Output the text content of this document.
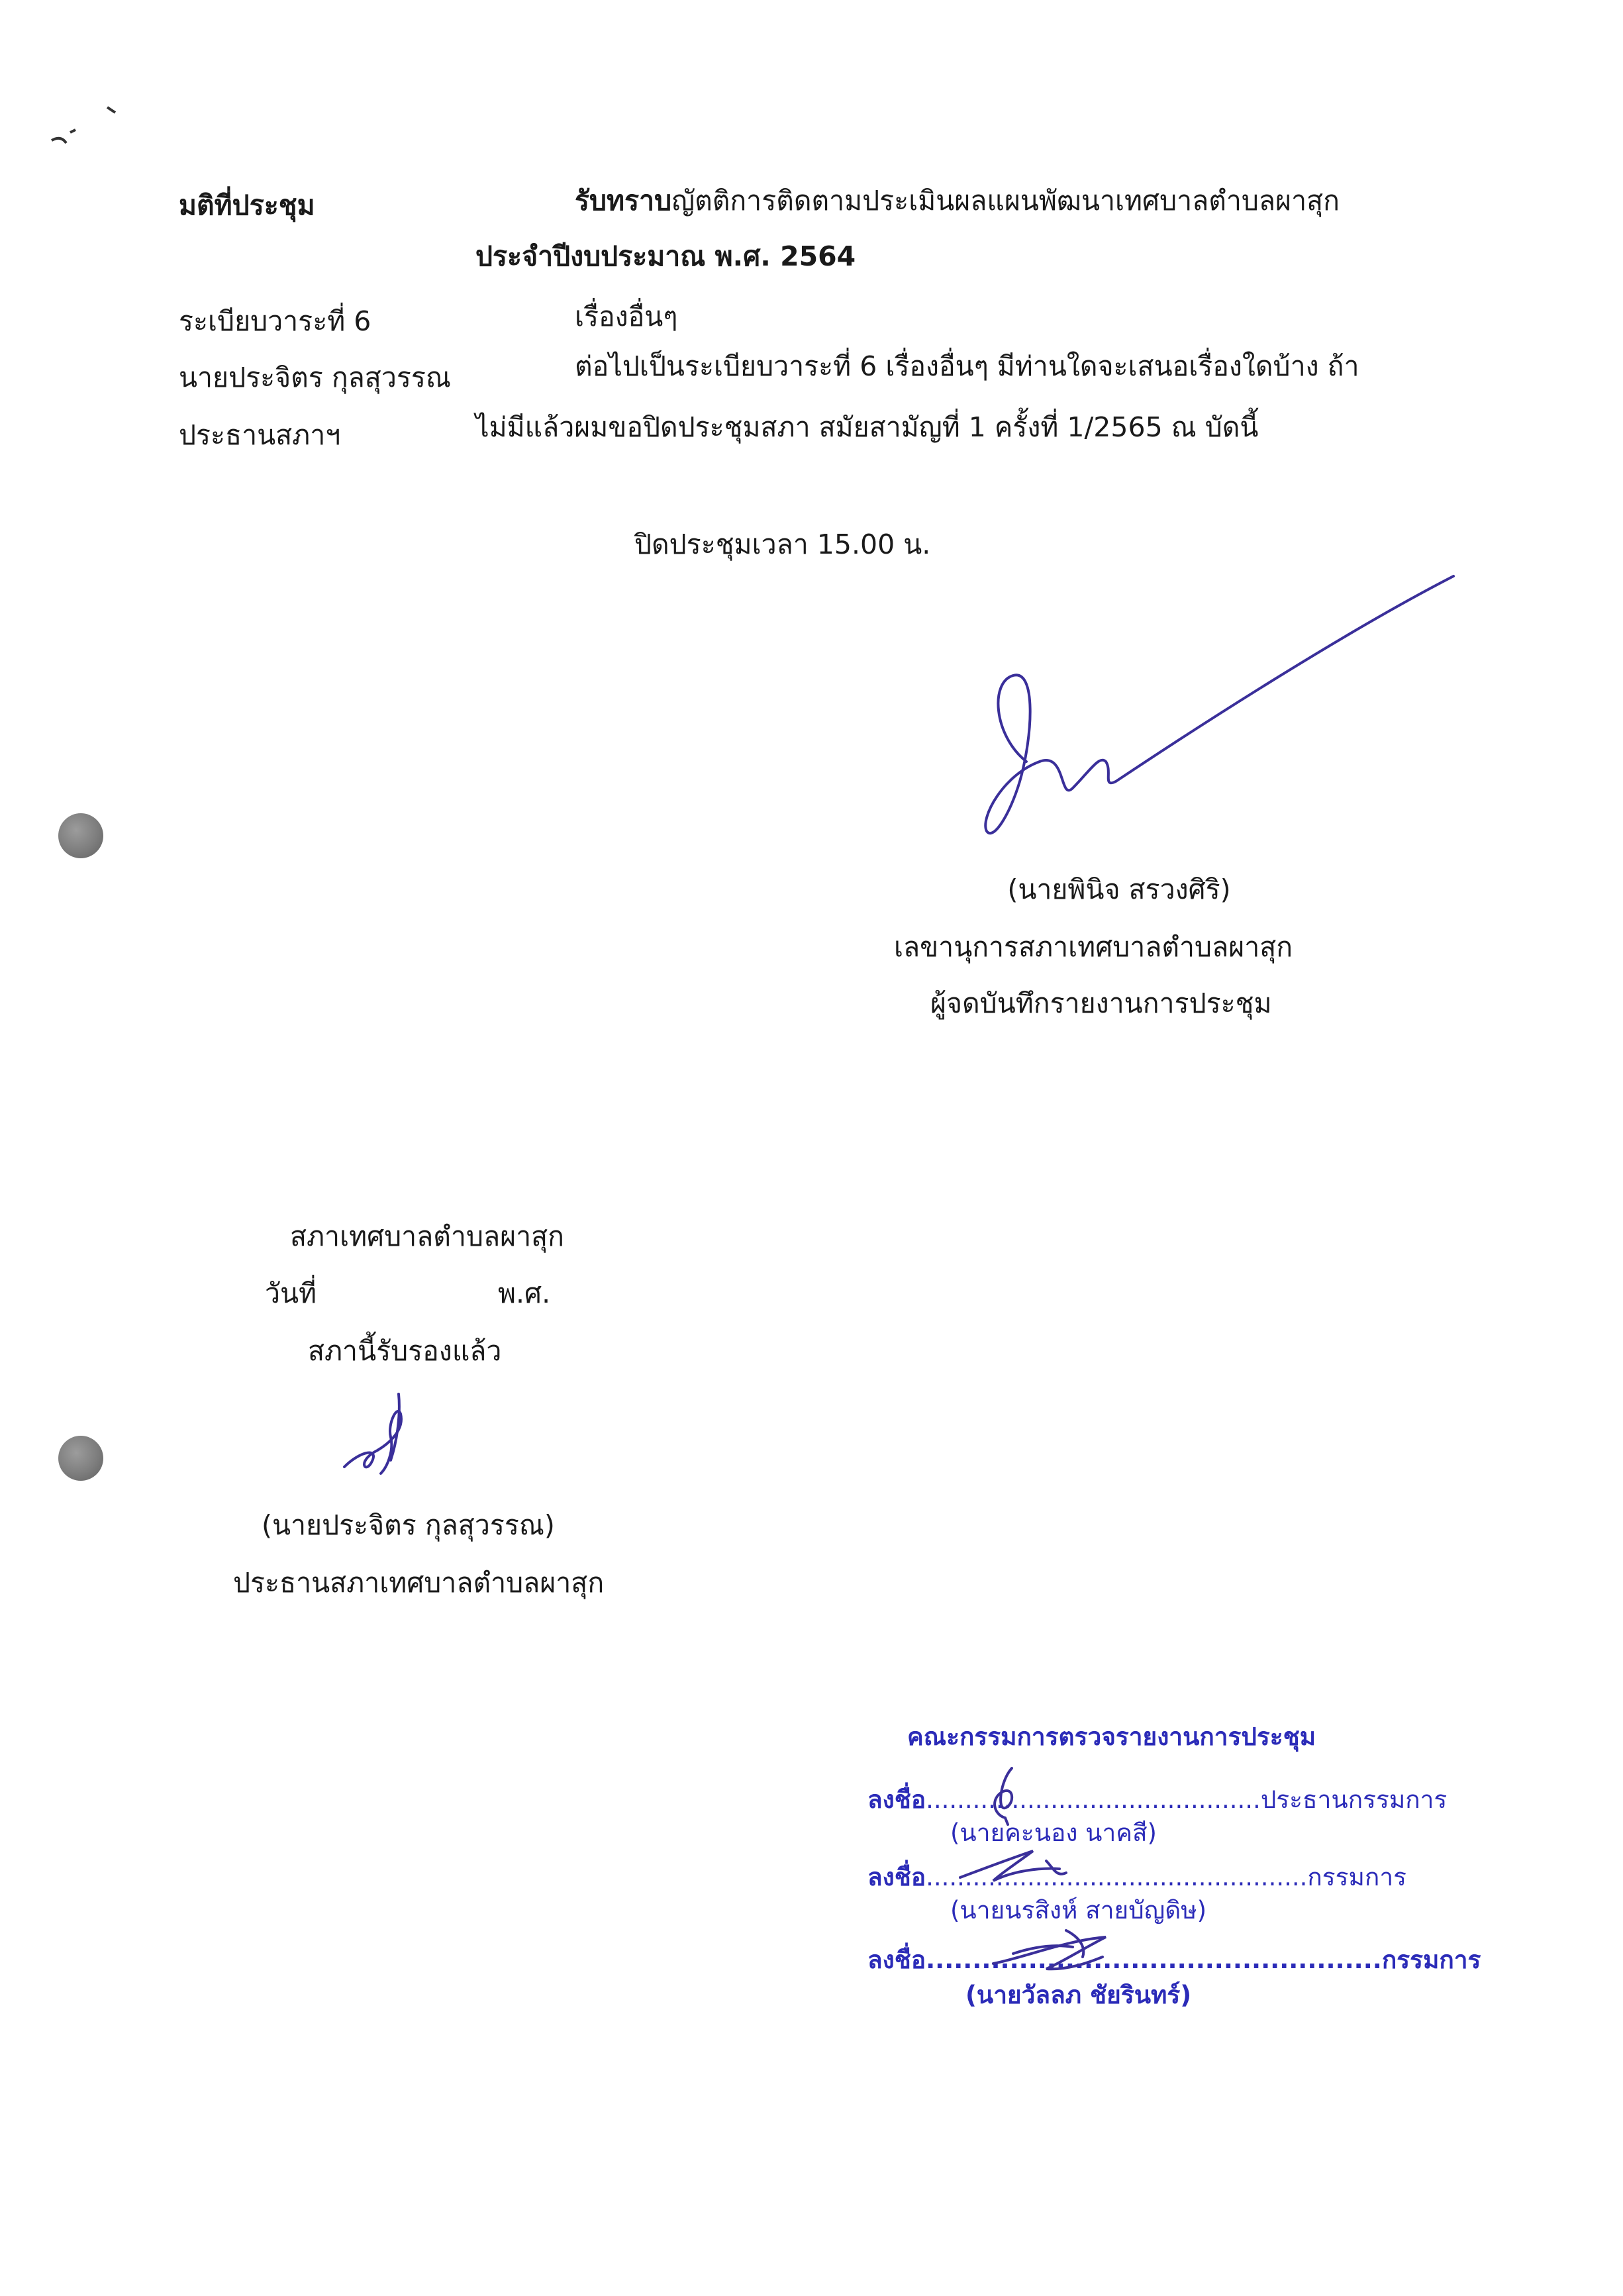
มติที่ประชุม	รับทราบญัตติการติดตามประเมินผลแผนพัฒนาเทศบาลตำบลผาสุก
ประจำปีงบประมาณ พ.ศ. 2564
ระเบียบวาระที่ 6	เรื่องอื่นๆ
นายประจิตร กุลสุวรรณ	ต่อไปเป็นระเบียบวาระที่ 6 เรื่องอื่นๆ มีท่านใดจะเสนอเรื่องใดบ้าง ถ้า
ประธานสภาฯ	ไม่มีแล้วผมขอปิดประชุมสภา สมัยสามัญที่ 1 ครั้งที่ 1/2565 ณ บัดนี้
ปิดประชุมเวลา 15.00 น.
(นายพินิจ สรวงศิริ)
เลขานุการสภาเทศบาลตำบลผาสุก
ผู้จดบันทึกรายงานการประชุม
สภาเทศบาลตำบลผาสุก
วันที่	พ.ศ.
สภานี้รับรองแล้ว
(นายประจิตร กุลสุวรรณ)
ประธานสภาเทศบาลตำบลผาสุก
คณะกรรมการตรวจรายงานการประชุม
ลงชื่อ...........................................ประธานกรรมการ
(นายคะนอง นาคสี)
ลงชื่อ.................................................กรรมการ
(นายนรสิงห์ สายบัญดิษ)
ลงชื่อ.................................................กรรมการ
(นายวัลลภ ชัยรินทร์)
